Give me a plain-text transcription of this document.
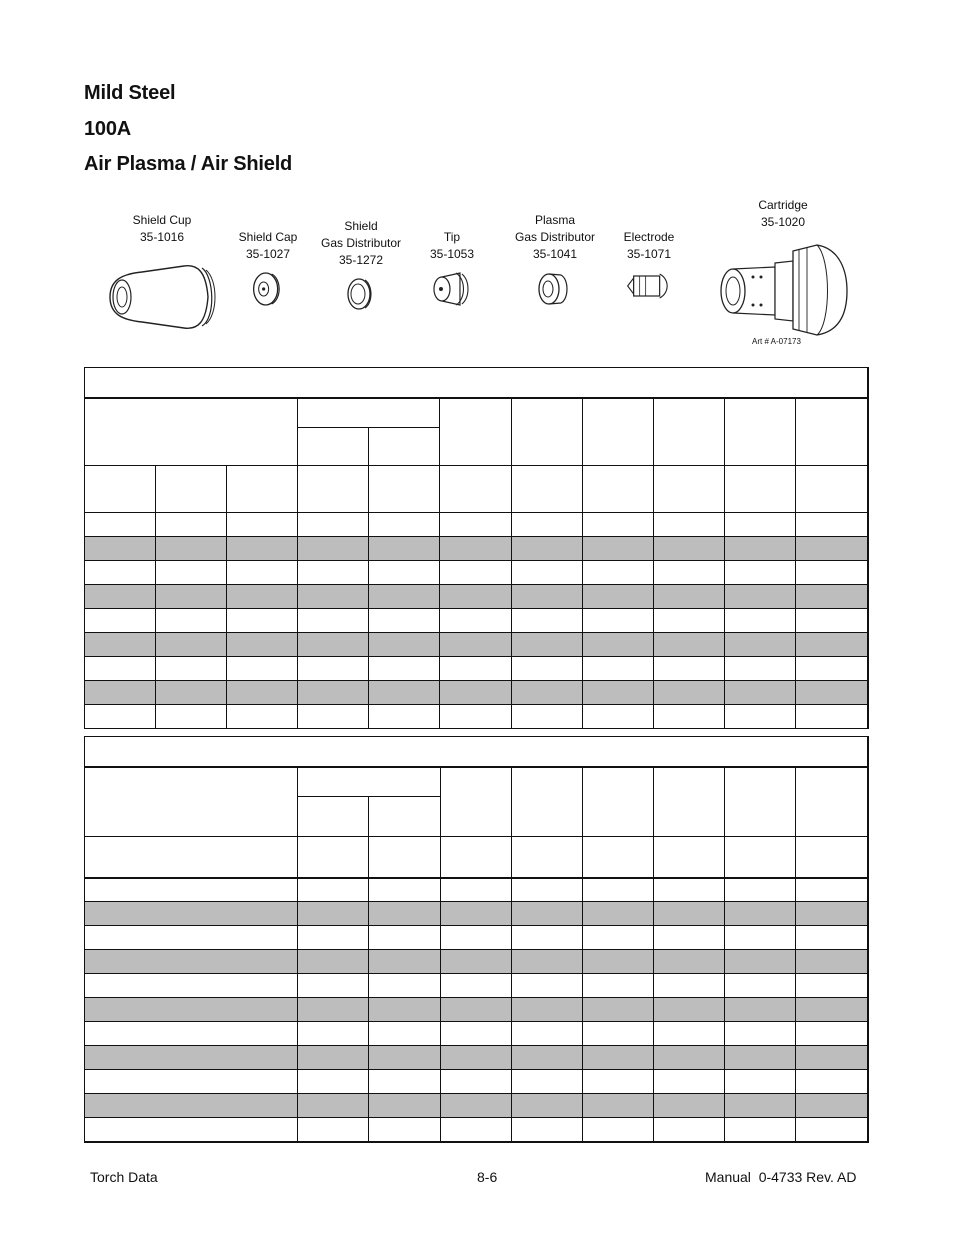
Mild Steel
100A
Air Plasma / Air Shield
Shield Cup
35-1016	Shield Cap
35-1027
Shield
Gas Distributor
35-1272
Tip
35-1053
Plasma
Gas Distributor
35-1041
Electrode
35-1071
Cartridge
35-1020
Art # A-07173

Torch Data	8-6	Manual  0-4733 Rev. AD
